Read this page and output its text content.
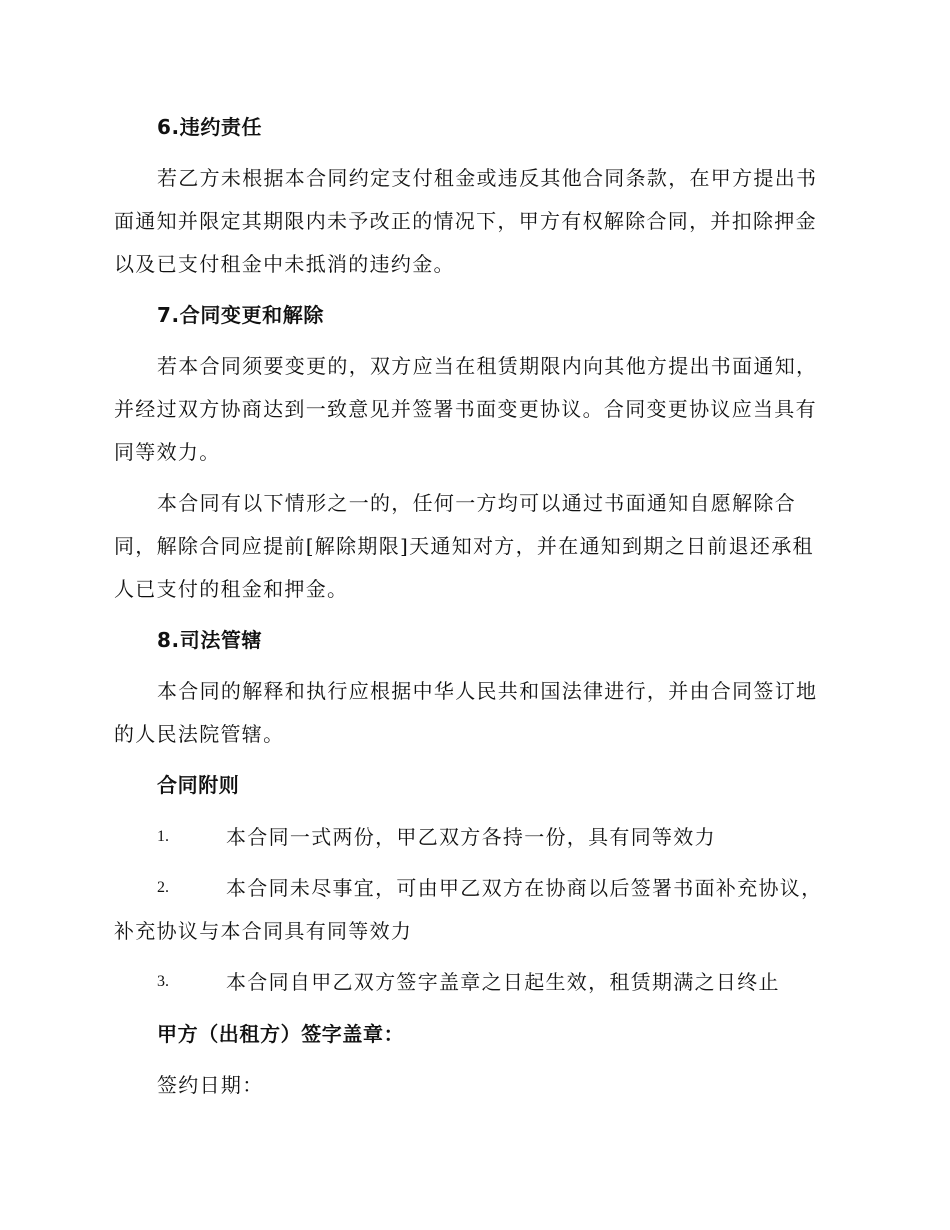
6.违约责任
若乙方未根据本合同约定支付租金或违反其他合同条款，在甲方提出书
面通知并限定其期限内未予改正的情况下，甲方有权解除合同，并扣除押金
以及已支付租金中未抵消的违约金。
7.合同变更和解除
若本合同须要变更的，双方应当在租赁期限内向其他方提出书面通知，
并经过双方协商达到一致意见并签署书面变更协议。合同变更协议应当具有
同等效力。
本合同有以下情形之一的，任何一方均可以通过书面通知自愿解除合
同，解除合同应提前[解除期限]天通知对方，并在通知到期之日前退还承租
人已支付的租金和押金。
8.司法管辖
本合同的解释和执行应根据中华人民共和国法律进行，并由合同签订地
的人民法院管辖。
合同附则
1.	本合同一式两份，甲乙双方各持一份，具有同等效力
2.	本合同未尽事宜，可由甲乙双方在协商以后签署书面补充协议，
补充协议与本合同具有同等效力
3.	本合同自甲乙双方签字盖章之日起生效，租赁期满之日终止
甲方（出租方）签字盖章：
签约日期：
